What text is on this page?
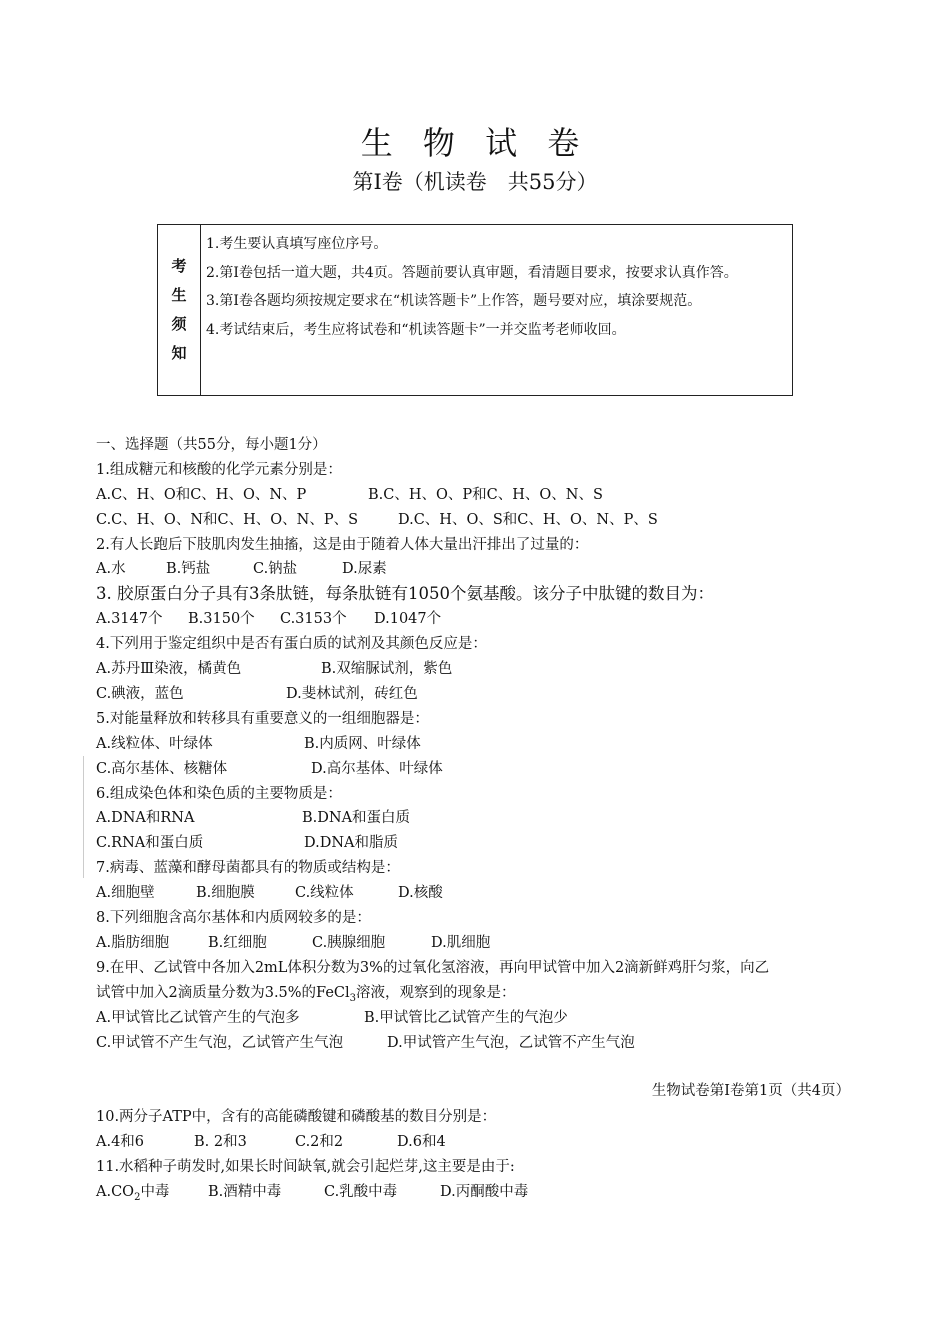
生 物 试 卷
第I卷（机读卷　共55分）
考
生
须
知
1.考生要认真填写座位序号。
2.第I卷包括一道大题，共4页。答题前要认真审题，看清题目要求，按要求认真作答。
3.第I卷各题均须按规定要求在“机读答题卡”上作答，题号要对应，填涂要规范。
4.考试结束后，考生应将试卷和“机读答题卡”一并交监考老师收回。
一、选择题（共55分，每小题1分）
1.组成糖元和核酸的化学元素分别是：
A.C、H、O和C、H、O、N、P	B.C、H、O、P和C、H、O、N、S
C.C、H、O、N和C、H、O、N、P、S	D.C、H、O、S和C、H、O、N、P、S
2.有人长跑后下肢肌肉发生抽搐，这是由于随着人体大量出汗排出了过量的：
A.水	B.钙盐	C.钠盐	D.尿素
3. 胶原蛋白分子具有3条肽链，每条肽链有1050个氨基酸。该分子中肽键的数目为：
A.3147个 B.3150个 C.3153个 D.1047个
4.下列用于鉴定组织中是否有蛋白质的试剂及其颜色反应是：
A.苏丹Ⅲ染液，橘黄色	B.双缩脲试剂，紫色
C.碘液，蓝色	D.斐林试剂，砖红色
5.对能量释放和转移具有重要意义的一组细胞器是：
A.线粒体、叶绿体	B.内质网、叶绿体
C.高尔基体、核糖体	D.高尔基体、叶绿体
6.组成染色体和染色质的主要物质是：
A.DNA和RNA	B.DNA和蛋白质
C.RNA和蛋白质	D.DNA和脂质
7.病毒、蓝藻和酵母菌都具有的物质或结构是：
A.细胞壁	B.细胞膜	C.线粒体	D.核酸
8.下列细胞含高尔基体和内质网较多的是：
A.脂肪细胞	B.红细胞	C.胰腺细胞	D.肌细胞
9.在甲、乙试管中各加入2mL体积分数为3%的过氧化氢溶液，再向甲试管中加入2滴新鲜鸡肝匀浆，向乙
试管中加入2滴质量分数为3.5%的FeCl$_3$溶液，观察到的现象是：
A.甲试管比乙试管产生的气泡多	B.甲试管比乙试管产生的气泡少
C.甲试管不产生气泡，乙试管产生气泡	D.甲试管产生气泡，乙试管不产生气泡
生物试卷第I卷第1页（共4页）
10.两分子ATP中，含有的高能磷酸键和磷酸基的数目分别是：
A.4和6	B. 2和3	C.2和2	D.6和4
11.水稻种子萌发时,如果长时间缺氧,就会引起烂芽,这主要是由于:
$A.CO_2$中毒	B.酒精中毒	C.乳酸中毒	D.丙酮酸中毒
